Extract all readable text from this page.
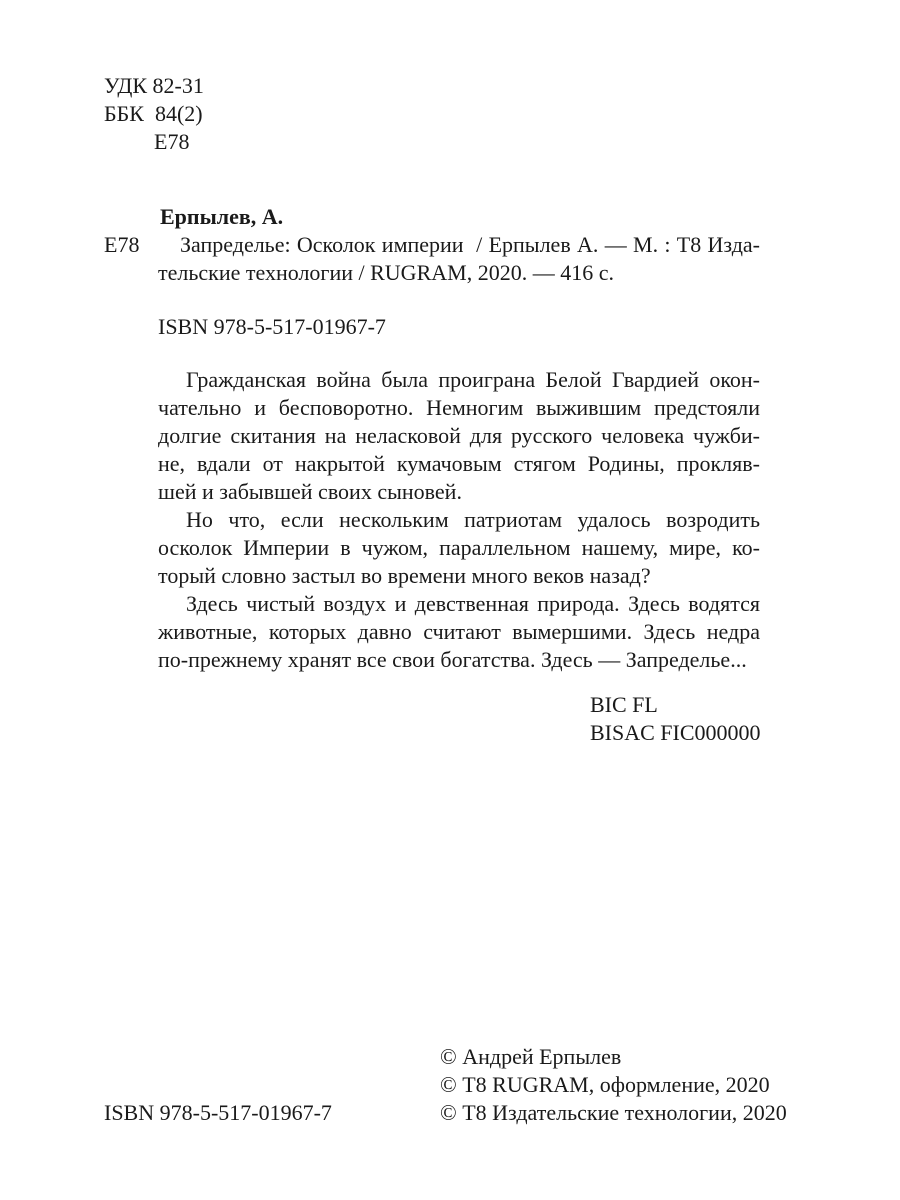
УДК 82-31
ББК  84(2)
Е78
Ерпылев, А.
Е78 Запределье: Осколок империи  / Ерпылев А. — М. : Т8 Изда-
тельские технологии / RUGRAM, 2020. — 416 с.
ISBN 978-5-517-01967-7
Гражданская война была проиграна Белой Гвардией окон-
чательно и бесповоротно. Немногим выжившим предстояли
долгие скитания на неласковой для русского человека чужби-
не, вдали от накрытой кумачовым стягом Родины, прокляв-
шей и забывшей своих сыновей.
Но что, если нескольким патриотам удалось возродить
осколок Империи в чужом, параллельном нашему, мире, ко-
торый словно застыл во времени много веков назад?
Здесь чистый воздух и девственная природа. Здесь водятся
животные, которых давно считают вымершими. Здесь недра
по-прежнему хранят все свои богатства. Здесь — Запределье...
BIC FL
BISAC FIC000000
© Андрей Ерпылев
© Т8 RUGRAM, оформление, 2020
ISBN 978-5-517-01967-7	© Т8 Издательские технологии, 2020
